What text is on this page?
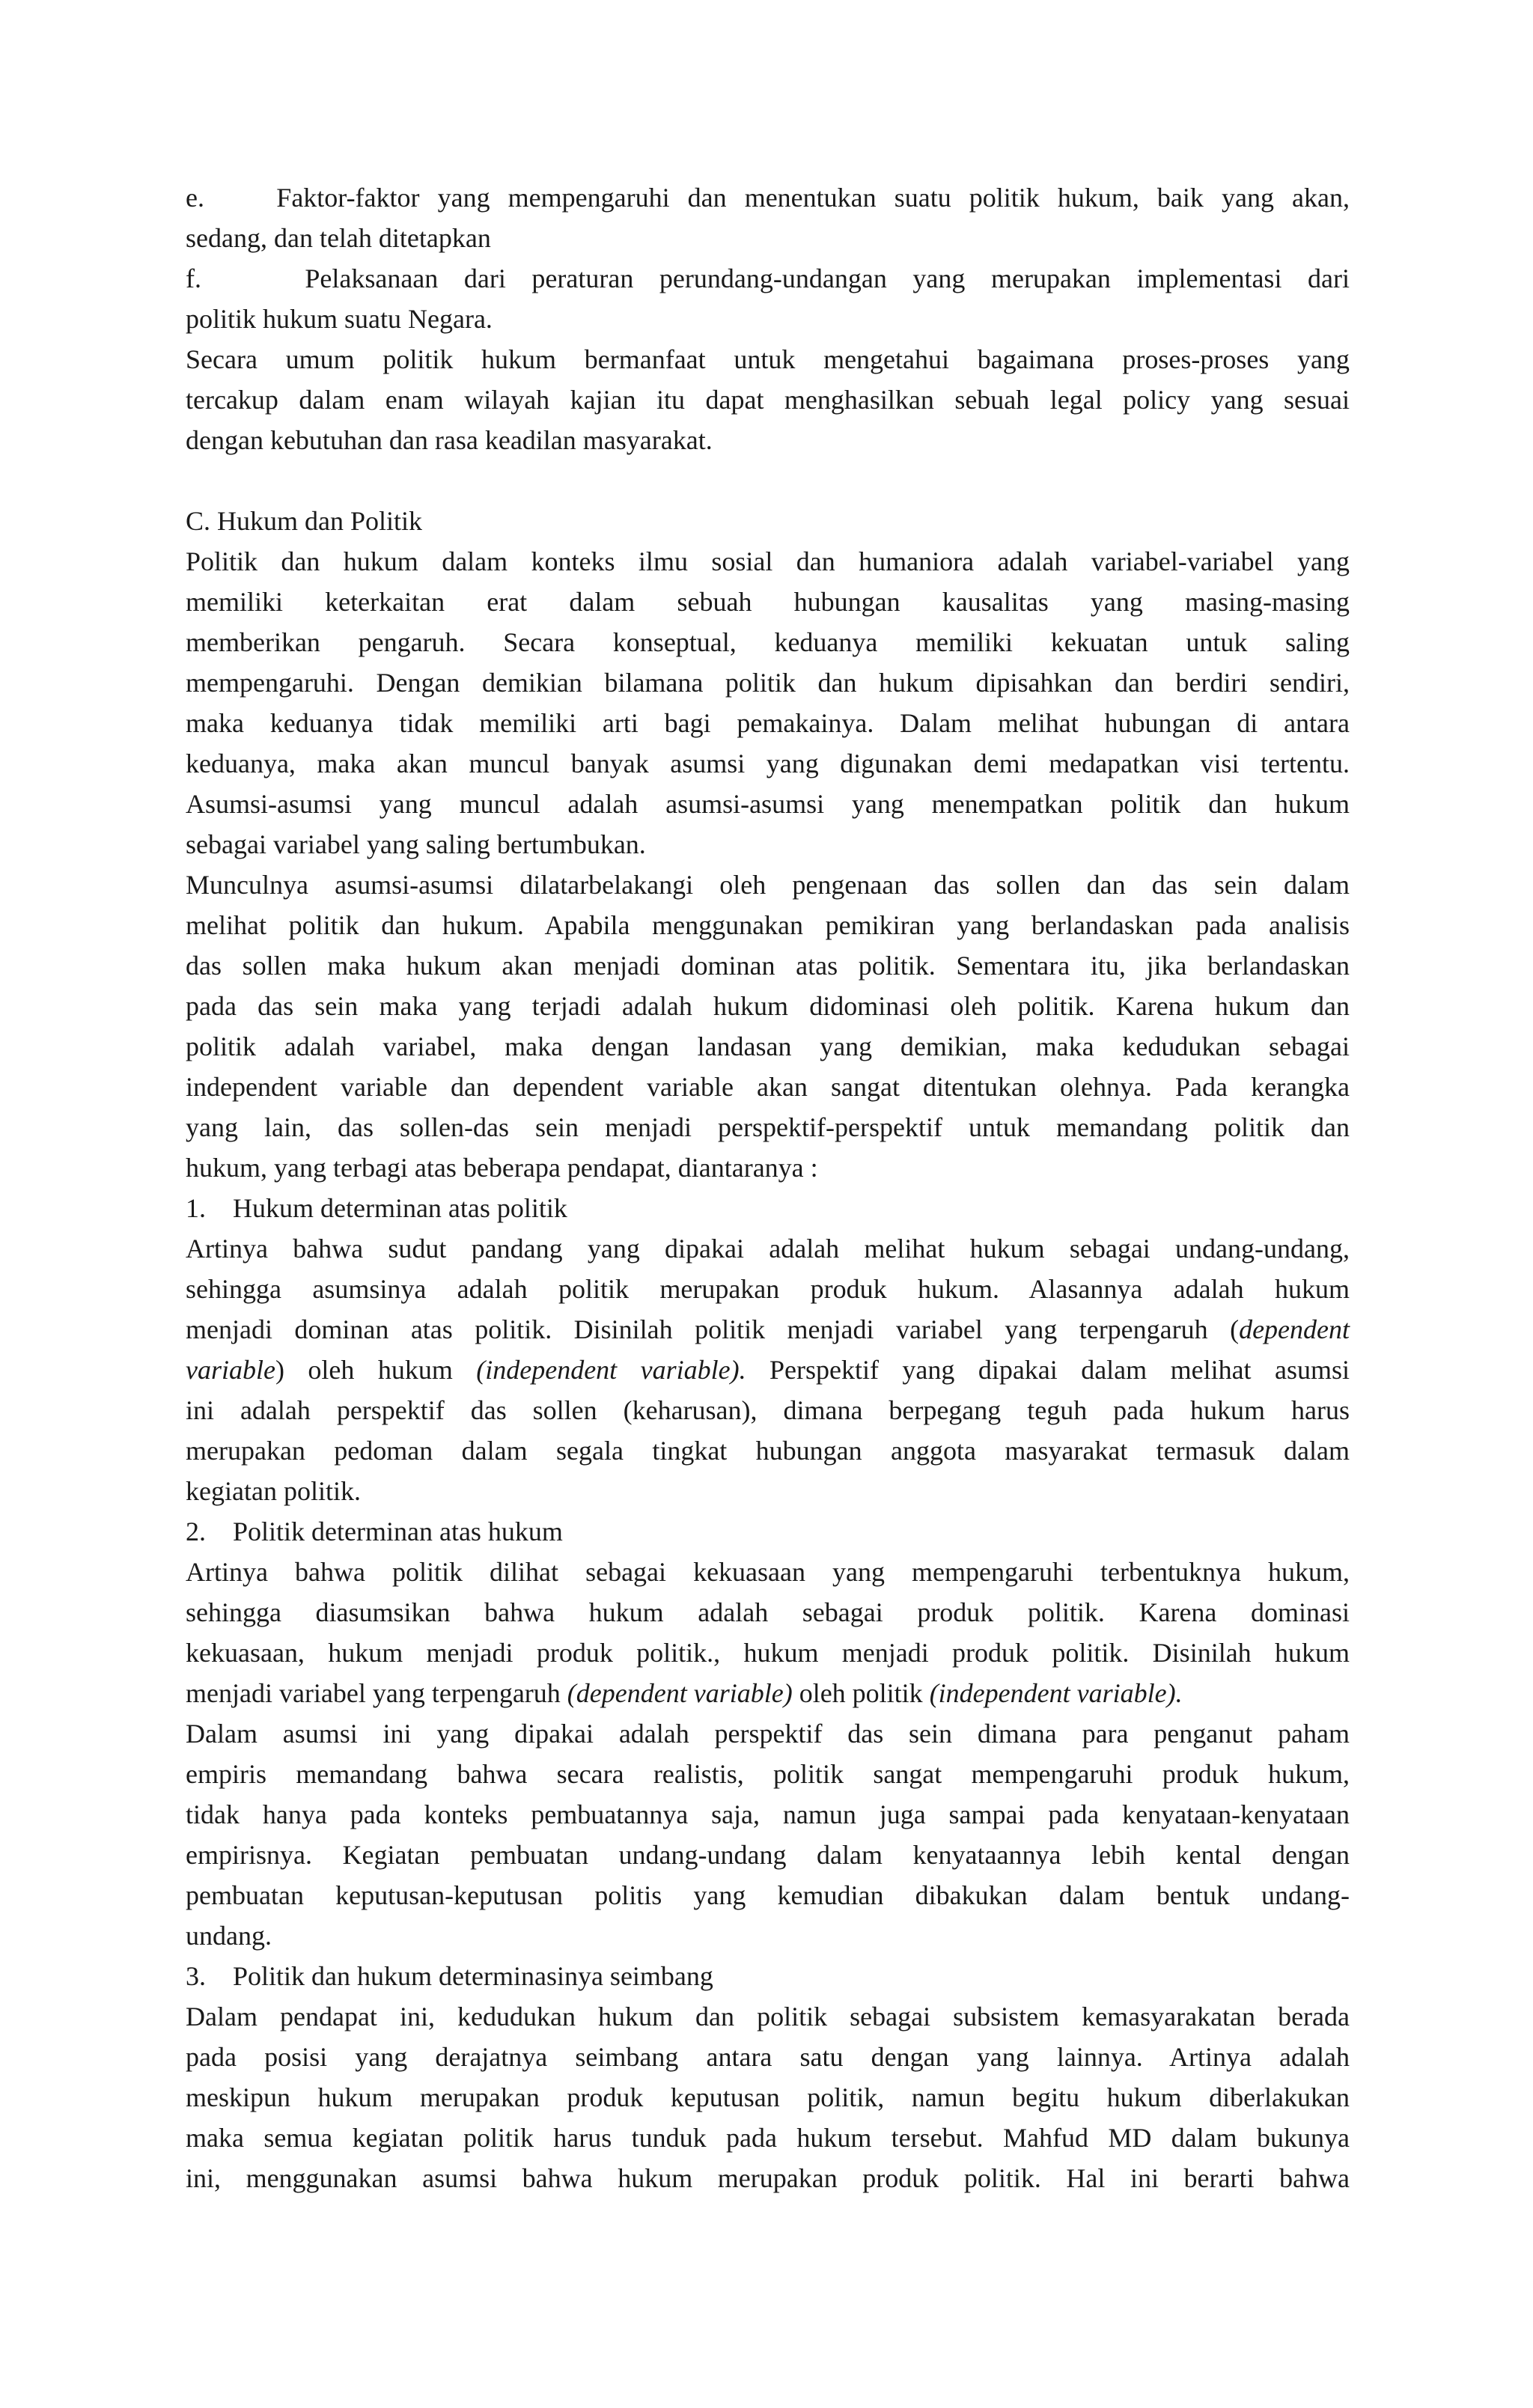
e.	Faktor-faktor yang mempengaruhi dan menentukan suatu politik hukum, baik yang akan,
sedang, dan telah ditetapkan
f.	Pelaksanaan dari peraturan perundang-undangan yang merupakan implementasi dari
politik hukum suatu Negara.
Secara umum politik hukum bermanfaat untuk mengetahui bagaimana proses-proses yang
tercakup dalam enam wilayah kajian itu dapat menghasilkan sebuah legal policy yang sesuai
dengan kebutuhan dan rasa keadilan masyarakat.
C. Hukum dan Politik
Politik dan hukum dalam konteks ilmu sosial dan humaniora adalah variabel-variabel yang
memiliki keterkaitan erat dalam sebuah hubungan kausalitas yang masing-masing
memberikan pengaruh. Secara konseptual, keduanya memiliki kekuatan untuk saling
mempengaruhi. Dengan demikian bilamana politik dan hukum dipisahkan dan berdiri sendiri,
maka keduanya tidak memiliki arti bagi pemakainya. Dalam melihat hubungan di antara
keduanya, maka akan muncul banyak asumsi yang digunakan demi medapatkan visi tertentu.
Asumsi-asumsi yang muncul adalah asumsi-asumsi yang menempatkan politik dan hukum
sebagai variabel yang saling bertumbukan.
Munculnya asumsi-asumsi dilatarbelakangi oleh pengenaan das sollen dan das sein dalam
melihat politik dan hukum. Apabila menggunakan pemikiran yang berlandaskan pada analisis
das sollen maka hukum akan menjadi dominan atas politik. Sementara itu, jika berlandaskan
pada das sein maka yang terjadi adalah hukum didominasi oleh politik. Karena hukum dan
politik adalah variabel, maka dengan landasan yang demikian, maka kedudukan sebagai
independent variable dan dependent variable akan sangat ditentukan olehnya. Pada kerangka
yang lain, das sollen-das sein menjadi perspektif-perspektif untuk memandang politik dan
hukum, yang terbagi atas beberapa pendapat, diantaranya :
1. Hukum determinan atas politik
Artinya bahwa sudut pandang yang dipakai adalah melihat hukum sebagai undang-undang,
sehingga asumsinya adalah politik merupakan produk hukum. Alasannya adalah hukum
menjadi dominan atas politik. Disinilah politik menjadi variabel yang terpengaruh (dependent
variable) oleh hukum (independent variable). Perspektif yang dipakai dalam melihat asumsi
ini adalah perspektif das sollen (keharusan), dimana berpegang teguh pada hukum harus
merupakan pedoman dalam segala tingkat hubungan anggota masyarakat termasuk dalam
kegiatan politik.
2. Politik determinan atas hukum
Artinya bahwa politik dilihat sebagai kekuasaan yang mempengaruhi terbentuknya hukum,
sehingga diasumsikan bahwa hukum adalah sebagai produk politik. Karena dominasi
kekuasaan, hukum menjadi produk politik., hukum menjadi produk politik. Disinilah hukum
menjadi variabel yang terpengaruh (dependent variable) oleh politik (independent variable).
Dalam asumsi ini yang dipakai adalah perspektif das sein dimana para penganut paham
empiris memandang bahwa secara realistis, politik sangat mempengaruhi produk hukum,
tidak hanya pada konteks pembuatannya saja, namun juga sampai pada kenyataan-kenyataan
empirisnya. Kegiatan pembuatan undang-undang dalam kenyataannya lebih kental dengan
pembuatan keputusan-keputusan politis yang kemudian dibakukan dalam bentuk undang-
undang.
3. Politik dan hukum determinasinya seimbang
Dalam pendapat ini, kedudukan hukum dan politik sebagai subsistem kemasyarakatan berada
pada posisi yang derajatnya seimbang antara satu dengan yang lainnya. Artinya adalah
meskipun hukum merupakan produk keputusan politik, namun begitu hukum diberlakukan
maka semua kegiatan politik harus tunduk pada hukum tersebut. Mahfud MD dalam bukunya
ini, menggunakan asumsi bahwa hukum merupakan produk politik. Hal ini berarti bahwa
